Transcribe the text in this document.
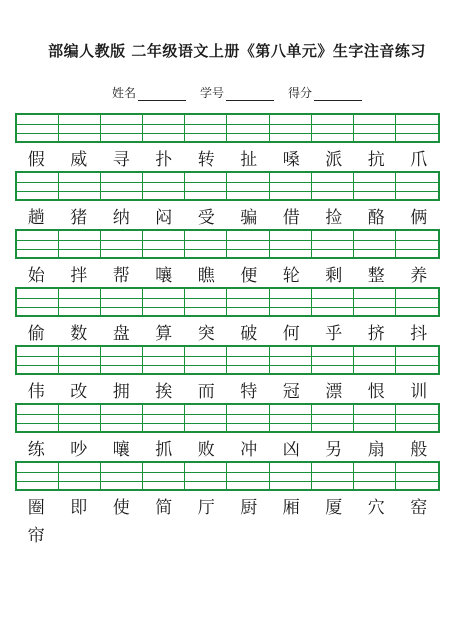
部编人教版 二年级语文上册《第八单元》生字注音练习
姓名	学号	得分
假	威	寻	扑	转	扯	嗓	派	抗	爪
趟	猪	纳	闷	受	骗	借	捡	酪	俩
始	拌	帮	嚷	瞧	便	轮	剩	整	养
偷	数	盘	算	突	破	何	乎	挤	抖
伟	改	拥	挨	而	特	冠	漂	恨	训
练	吵	嚷	抓	败	冲	凶	另	扇	般
圈	即	使	简	厅	厨	厢	厦	穴	窑
帘
